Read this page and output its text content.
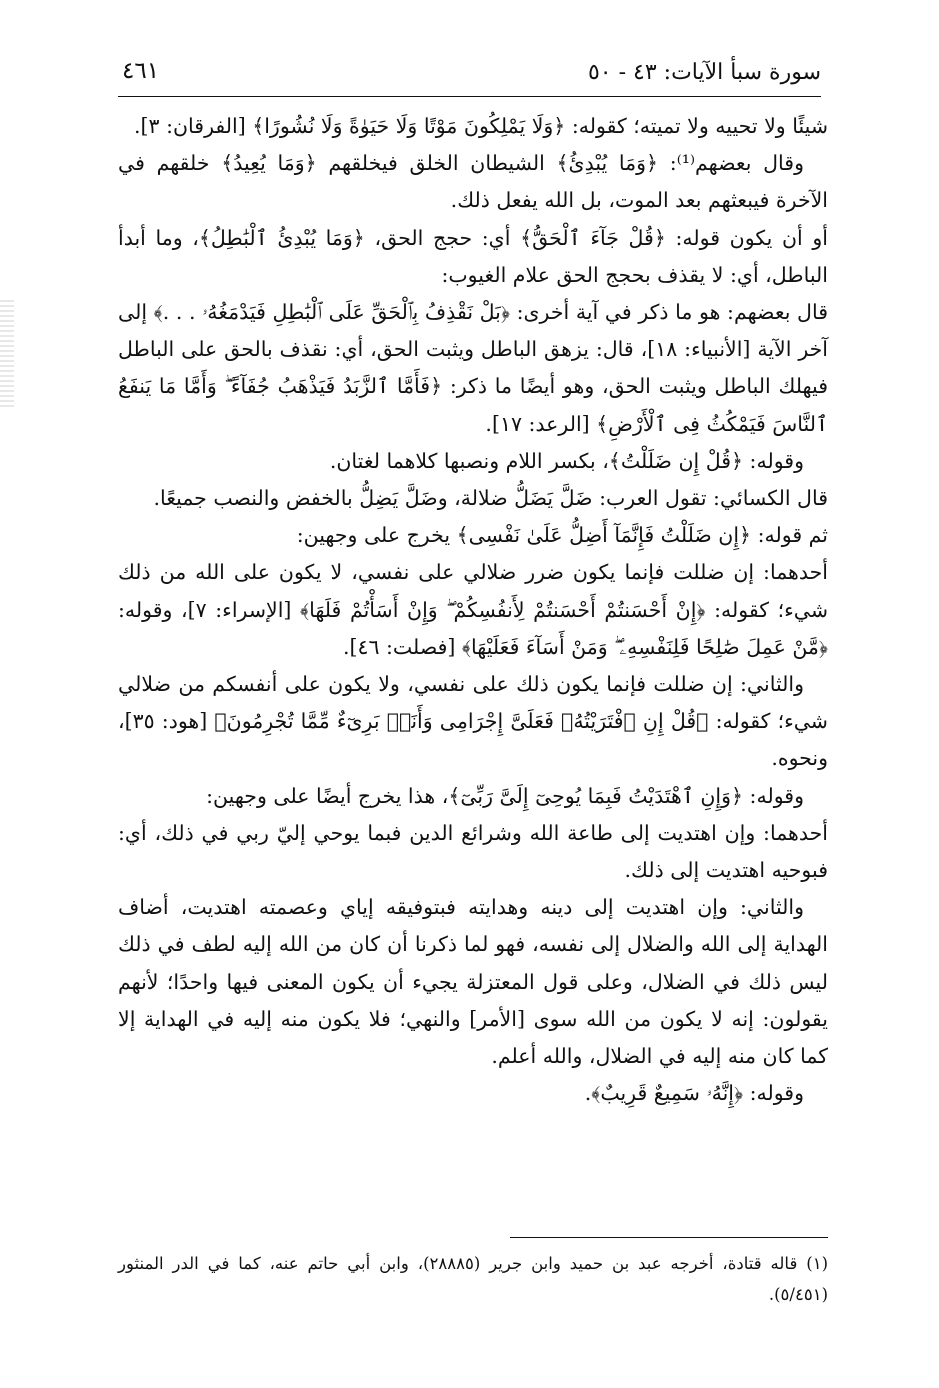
سورة سبأ الآيات: ٤٣ - ٥٠
٤٦١

شيئًا ولا تحييه ولا تميته؛ كقوله: ﴿وَلَا يَمْلِكُونَ مَوْتًا وَلَا حَيَوٰةً وَلَا نُشُورًا﴾ [الفرقان: ٣].

وقال بعضهم⁽¹⁾: ﴿وَمَا يُبْدِئُ﴾ الشيطان الخلق فيخلقهم ﴿وَمَا يُعِيدُ﴾ خلقهم في الآخرة فيبعثهم بعد الموت، بل الله يفعل ذلك.

أو أن يكون قوله: ﴿قُلْ جَآءَ ٱلْحَقُّ﴾ أي: حجج الحق، ﴿وَمَا يُبْدِئُ ٱلْبَٰطِلُ﴾، وما أبدأ الباطل، أي: لا يقذف بحجج الحق علام الغيوب:

قال بعضهم: هو ما ذكر في آية أخرى: ﴿بَلْ نَقْذِفُ بِٱلْحَقِّ عَلَى ٱلْبَٰطِلِ فَيَدْمَغُهُۥ . . .﴾ إلى آخر الآية [الأنبياء: ١٨]، قال: يزهق الباطل ويثبت الحق، أي: نقذف بالحق على الباطل فيهلك الباطل ويثبت الحق، وهو أيضًا ما ذكر: ﴿فَأَمَّا ٱلزَّبَدُ فَيَذْهَبُ جُفَآءً ۖ وَأَمَّا مَا يَنفَعُ ٱلنَّاسَ فَيَمْكُثُ فِى ٱلْأَرْضِ﴾ [الرعد: ١٧].

وقوله: ﴿قُلْ إِن ضَلَلْتُ﴾، بكسر اللام ونصبها كلاهما لغتان.

قال الكسائي: تقول العرب: ضَلَّ يَضَلُّ ضلالة، وضَلَّ يَضِلُّ بالخفض والنصب جميعًا.

ثم قوله: ﴿إِن ضَلَلْتُ فَإِنَّمَآ أَضِلُّ عَلَىٰ نَفْسِى﴾ يخرج على وجهين:

أحدهما: إن ضللت فإنما يكون ضرر ضلالي على نفسي، لا يكون على الله من ذلك شيء؛ كقوله: ﴿إِنْ أَحْسَنتُمْ أَحْسَنتُمْ لِأَنفُسِكُمْ ۖ وَإِنْ أَسَأْتُمْ فَلَهَا﴾ [الإسراء: ٧]، وقوله: ﴿مَّنْ عَمِلَ صَٰلِحًا فَلِنَفْسِهِۦ ۖ وَمَنْ أَسَآءَ فَعَلَيْهَا﴾ [فصلت: ٤٦].

والثاني: إن ضللت فإنما يكون ذلك على نفسي، ولا يكون على أنفسكم من ضلالي شيء؛ كقوله: ﴿قُلْ إِنِ ٱفْتَرَيْتُهُۥ فَعَلَىَّ إِجْرَامِى وَأَنَا۠ بَرِىٓءٌ مِّمَّا تُجْرِمُونَ﴾ [هود: ٣٥]، ونحوه.

وقوله: ﴿وَإِنِ ٱهْتَدَيْتُ فَبِمَا يُوحِىٓ إِلَىَّ رَبِّىٓ﴾، هذا يخرج أيضًا على وجهين:

أحدهما: وإن اهتديت إلى طاعة الله وشرائع الدين فبما يوحي إليّ ربي في ذلك، أي: فبوحيه اهتديت إلى ذلك.

والثاني: وإن اهتديت إلى دينه وهدايته فبتوفيقه إياي وعصمته اهتديت، أضاف الهداية إلى الله والضلال إلى نفسه، فهو لما ذكرنا أن كان من الله إليه لطف في ذلك ليس ذلك في الضلال، وعلى قول المعتزلة يجيء أن يكون المعنى فيها واحدًا؛ لأنهم يقولون: إنه لا يكون من الله سوى [الأمر] والنهي؛ فلا يكون منه إليه في الهداية إلا كما كان منه إليه في الضلال، والله أعلم.

وقوله: ﴿إِنَّهُۥ سَمِيعٌ قَرِيبٌ﴾.

(١) قاله قتادة، أخرجه عبد بن حميد وابن جرير (٢٨٨٨٥)، وابن أبي حاتم عنه، كما في الدر المنثور (٥/٤٥١).
